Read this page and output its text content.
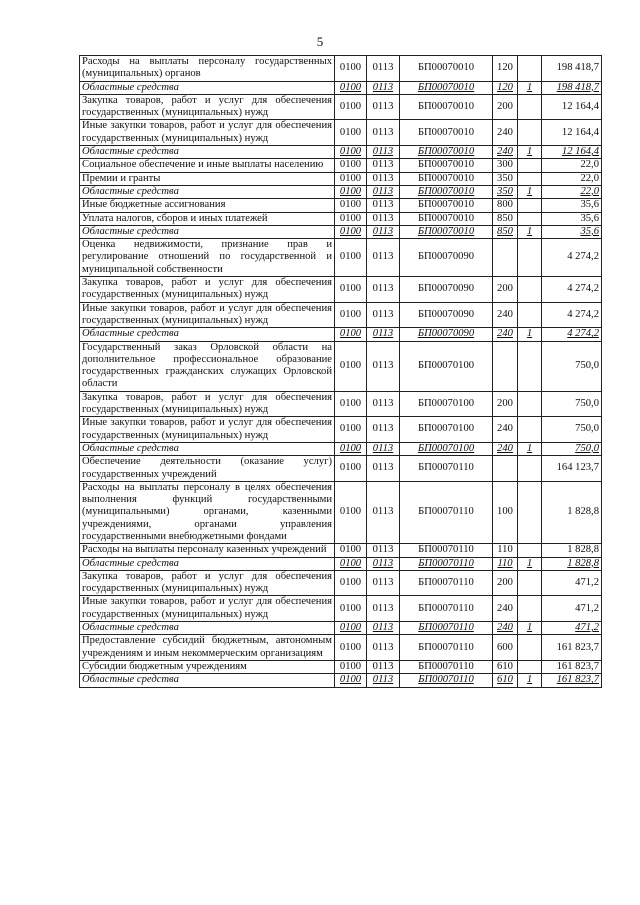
5
Расходы на выплаты персоналу государственных (муниципальных) органов	0100	0113	БП00070010	120		198 418,7
Областные средства	0100	0113	БП00070010	120	1	198 418,7
Закупка товаров, работ и услуг для обеспечения государственных (муниципальных) нужд	0100	0113	БП00070010	200		12 164,4
Иные закупки товаров, работ и услуг для обеспечения государственных (муниципальных) нужд	0100	0113	БП00070010	240		12 164,4
Областные средства	0100	0113	БП00070010	240	1	12 164,4
Социальное обеспечение и иные выплаты населению	0100	0113	БП00070010	300		22,0
Премии и гранты	0100	0113	БП00070010	350		22,0
Областные средства	0100	0113	БП00070010	350	1	22,0
Иные бюджетные ассигнования	0100	0113	БП00070010	800		35,6
Уплата налогов, сборов и иных платежей	0100	0113	БП00070010	850		35,6
Областные средства	0100	0113	БП00070010	850	1	35,6
Оценка недвижимости, признание прав и регулирование отношений по государственной и муниципальной собственности	0100	0113	БП00070090			4 274,2
Закупка товаров, работ и услуг для обеспечения государственных (муниципальных) нужд	0100	0113	БП00070090	200		4 274,2
Иные закупки товаров, работ и услуг для обеспечения государственных (муниципальных) нужд	0100	0113	БП00070090	240		4 274,2
Областные средства	0100	0113	БП00070090	240	1	4 274,2
Государственный заказ Орловской области на дополнительное профессиональное образование государственных гражданских служащих Орловской области	0100	0113	БП00070100			750,0
Закупка товаров, работ и услуг для обеспечения государственных (муниципальных) нужд	0100	0113	БП00070100	200		750,0
Иные закупки товаров, работ и услуг для обеспечения государственных (муниципальных) нужд	0100	0113	БП00070100	240		750,0
Областные средства	0100	0113	БП00070100	240	1	750,0
Обеспечение деятельности (оказание услуг) государственных учреждений	0100	0113	БП00070110			164 123,7
Расходы на выплаты персоналу в целях обеспечения выполнения функций государственными (муниципальными) органами, казенными учреждениями, органами управления государственными внебюджетными фондами	0100	0113	БП00070110	100		1 828,8
Расходы на выплаты персоналу казенных учреждений	0100	0113	БП00070110	110		1 828,8
Областные средства	0100	0113	БП00070110	110	1	1 828,8
Закупка товаров, работ и услуг для обеспечения государственных (муниципальных) нужд	0100	0113	БП00070110	200		471,2
Иные закупки товаров, работ и услуг для обеспечения государственных (муниципальных) нужд	0100	0113	БП00070110	240		471,2
Областные средства	0100	0113	БП00070110	240	1	471,2
Предоставление субсидий бюджетным, автономным учреждениям и иным некоммерческим организациям	0100	0113	БП00070110	600		161 823,7
Субсидии бюджетным учреждениям	0100	0113	БП00070110	610		161 823,7
Областные средства	0100	0113	БП00070110	610	1	161 823,7
